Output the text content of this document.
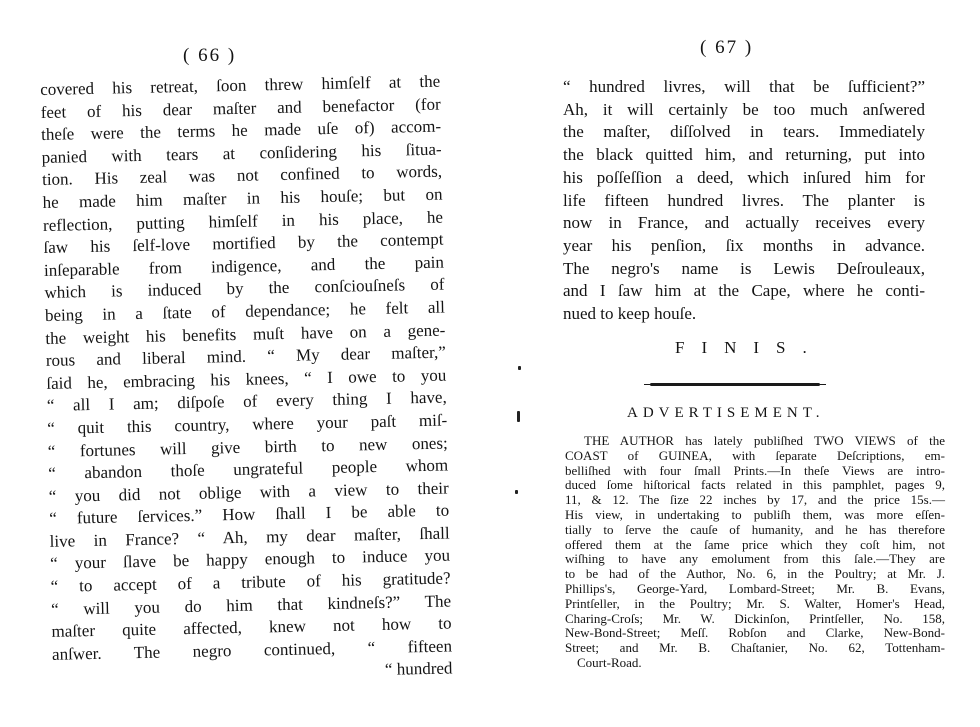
( 66 )
covered his retreat, ſoon threw himſelf at the
feet of his dear maſter and benefactor (for
theſe were the terms he made uſe of) accom-
panied with tears at conſidering his ſitua-
tion. His zeal was not confined to words,
he made him maſter in his houſe; but on
reflection, putting himſelf in his place, he
ſaw his ſelf-love mortified by the contempt
inſeparable from indigence, and the pain
which is induced by the conſciouſneſs of
being in a ſtate of dependance; he felt all
the weight his benefits muſt have on a gene-
rous and liberal mind. “ My dear maſter,”
ſaid he, embracing his knees, “ I owe to you
“ all I am; diſpoſe of every thing I have,
“ quit this country, where your paſt miſ-
“ fortunes will give birth to new ones;
“ abandon thoſe ungrateful people whom
“ you did not oblige with a view to their
“ future ſervices.” How ſhall I be able to
live in France? “ Ah, my dear maſter, ſhall
“ your ſlave be happy enough to induce you
“ to accept of a tribute of his gratitude?
“ will you do him that kindneſs?” The
maſter quite affected, knew not how to
anſwer. The negro continued, “ fifteen
“ hundred
( 67 )
“ hundred livres, will that be ſufficient?”
Ah, it will certainly be too much anſwered
the maſter, diſſolved in tears. Immediately
the black quitted him, and returning, put into
his poſſeſſion a deed, which inſured him for
life fifteen hundred livres. The planter is
now in France, and actually receives every
year his penſion, ſix months in advance.
The negro's name is Lewis Deſrouleaux,
and I ſaw him at the Cape, where he conti-
nued to keep houſe.
FINIS.
ADVERTISEMENT.
THE AUTHOR has lately publiſhed TWO VIEWS of the
COAST of GUINEA, with ſeparate Deſcriptions, em-
belliſhed with four ſmall Prints.—In theſe Views are intro-
duced ſome hiſtorical facts related in this pamphlet, pages 9,
11, & 12. The ſize 22 inches by 17, and the price 15s.—
His view, in undertaking to publiſh them, was more eſſen-
tially to ſerve the cauſe of humanity, and he has therefore
offered them at the ſame price which they coſt him, not
wiſhing to have any emolument from this ſale.—They are
to be had of the Author, No. 6, in the Poultry; at Mr. J.
Phillips's, George-Yard, Lombard-Street; Mr. B. Evans,
Printſeller, in the Poultry; Mr. S. Walter, Homer's Head,
Charing-Croſs; Mr. W. Dickinſon, Printſeller, No. 158,
New-Bond-Street; Meſſ. Robſon and Clarke, New-Bond-
Street; and Mr. B. Chaſtanier, No. 62, Tottenham-
Court-Road.
